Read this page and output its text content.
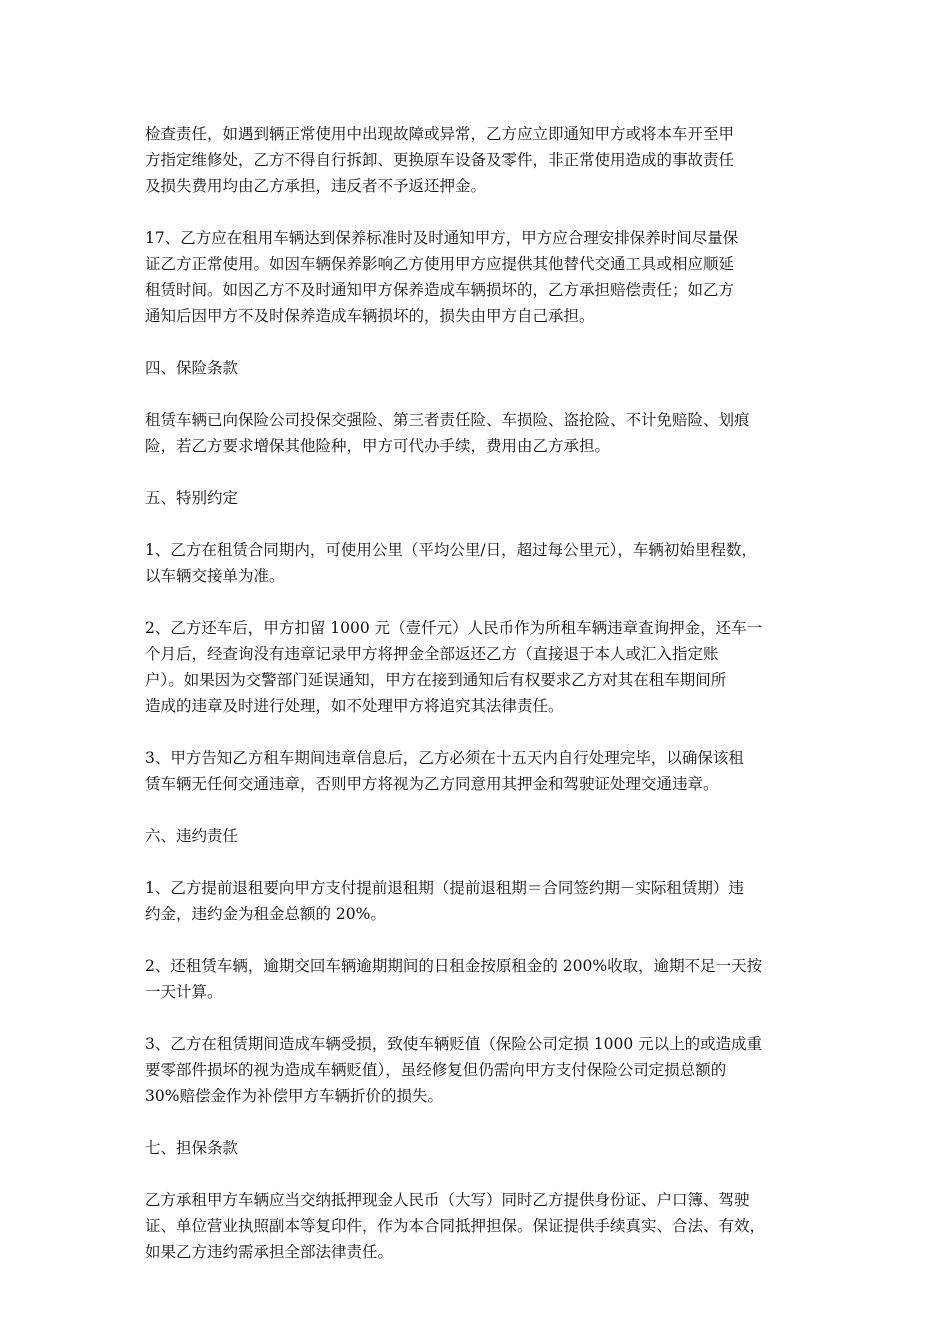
检查责任，如遇到辆正常使用中出现故障或异常，乙方应立即通知甲方或将本车开至甲
方指定维修处，乙方不得自行拆卸、更换原车设备及零件，非正常使用造成的事故责任
及损失费用均由乙方承担，违反者不予返还押金。

17、乙方应在租用车辆达到保养标准时及时通知甲方，甲方应合理安排保养时间尽量保
证乙方正常使用。如因车辆保养影响乙方使用甲方应提供其他替代交通工具或相应顺延
租赁时间。如因乙方不及时通知甲方保养造成车辆损坏的，乙方承担赔偿责任；如乙方
通知后因甲方不及时保养造成车辆损坏的，损失由甲方自己承担。

四、保险条款

租赁车辆已向保险公司投保交强险、第三者责任险、车损险、盗抢险、不计免赔险、划痕
险，若乙方要求增保其他险种，甲方可代办手续，费用由乙方承担。

五、特别约定

1、乙方在租赁合同期内，可使用公里（平均公里/日，超过每公里元），车辆初始里程数，
以车辆交接单为准。

2、乙方还车后，甲方扣留 1000 元（壹仟元）人民币作为所租车辆违章查询押金，还车一
个月后，经查询没有违章记录甲方将押金全部返还乙方（直接退于本人或汇入指定账
户）。如果因为交警部门延误通知，甲方在接到通知后有权要求乙方对其在租车期间所
造成的违章及时进行处理，如不处理甲方将追究其法律责任。

3、甲方告知乙方租车期间违章信息后，乙方必须在十五天内自行处理完毕，以确保该租
赁车辆无任何交通违章，否则甲方将视为乙方同意用其押金和驾驶证处理交通违章。

六、违约责任

1、乙方提前退租要向甲方支付提前退租期（提前退租期＝合同签约期－实际租赁期）违
约金，违约金为租金总额的 20%。

2、还租赁车辆，逾期交回车辆逾期期间的日租金按原租金的 200%收取，逾期不足一天按
一天计算。

3、乙方在租赁期间造成车辆受损，致使车辆贬值（保险公司定损 1000 元以上的或造成重
要零部件损坏的视为造成车辆贬值），虽经修复但仍需向甲方支付保险公司定损总额的
30%赔偿金作为补偿甲方车辆折价的损失。

七、担保条款

乙方承租甲方车辆应当交纳抵押现金人民币（大写）同时乙方提供身份证、户口簿、驾驶
证、单位营业执照副本等复印件，作为本合同抵押担保。保证提供手续真实、合法、有效，
如果乙方违约需承担全部法律责任。
